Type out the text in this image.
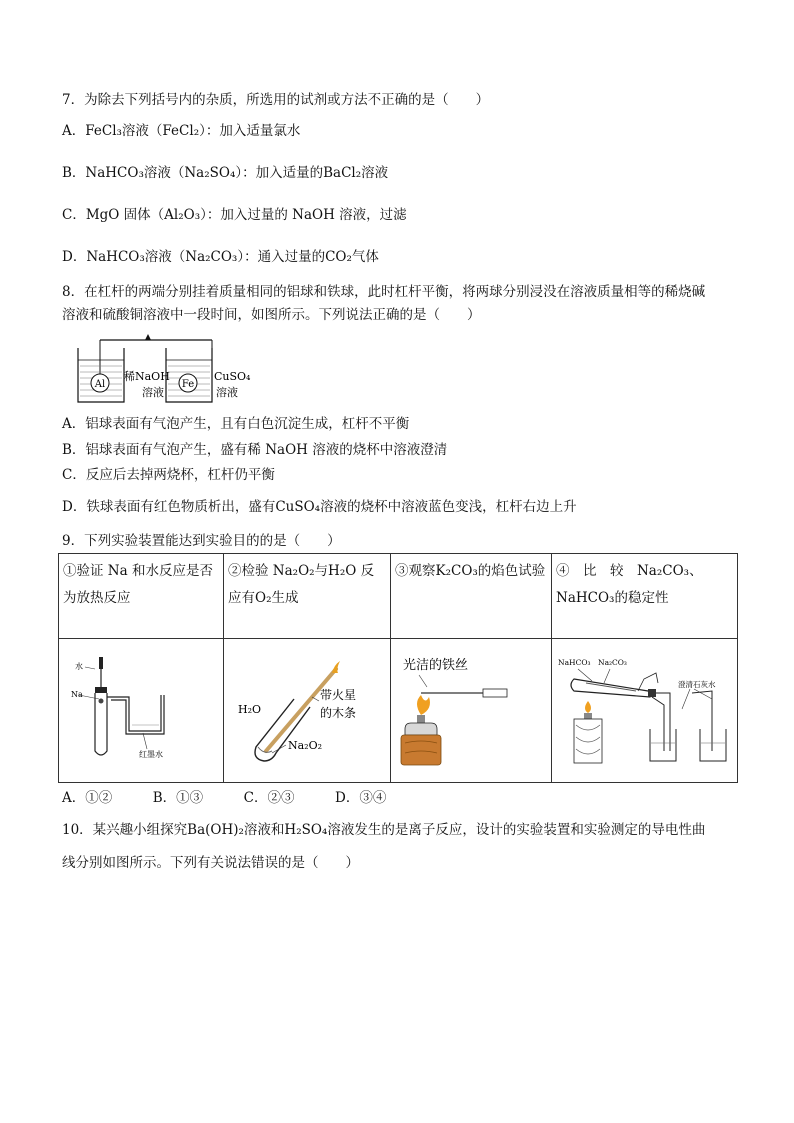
7．为除去下列括号内的杂质，所选用的试剂或方法不正确的是（　　）
A．FeCl₃溶液（FeCl₂）：加入适量氯水
B．NaHCO₃溶液（Na₂SO₄）：加入适量的BaCl₂溶液
C．MgO 固体（Al₂O₃）：加入过量的 NaOH 溶液，过滤
D．NaHCO₃溶液（Na₂CO₃）：通入过量的CO₂气体
8．在杠杆的两端分别挂着质量相同的铝球和铁球，此时杠杆平衡，将两球分别浸没在溶液质量相等的稀烧碱
溶液和硫酸铜溶液中一段时间，如图所示。下列说法正确的是（　　）
Al
稀NaOH
溶液
Fe
CuSO₄
溶液
A．铝球表面有气泡产生，且有白色沉淀生成，杠杆不平衡
B．铝球表面有气泡产生，盛有稀 NaOH 溶液的烧杯中溶液澄清
C．反应后去掉两烧杯，杠杆仍平衡
D．铁球表面有红色物质析出，盛有CuSO₄溶液的烧杯中溶液蓝色变浅，杠杆右边上升
9．下列实验装置能达到实验目的的是（　　）
①验证 Na 和水反应是否为放热反应	②检验 Na₂O₂与H₂O 反应有O₂生成	③观察K₂CO₃的焰色试验	④　比　较　Na₂CO₃、NaHCO₃的稳定性

水
Na
红墨水	H₂O
带火星
的木条
Na₂O₂	光洁的铁丝	NaHCO₃ Na₂CO₃
澄清石灰水
A．①②　　　B．①③　　　C．②③　　　D．③④
10．某兴趣小组探究Ba(OH)₂溶液和H₂SO₄溶液发生的是离子反应，设计的实验装置和实验测定的导电性曲
线分别如图所示。下列有关说法错误的是（　　）
